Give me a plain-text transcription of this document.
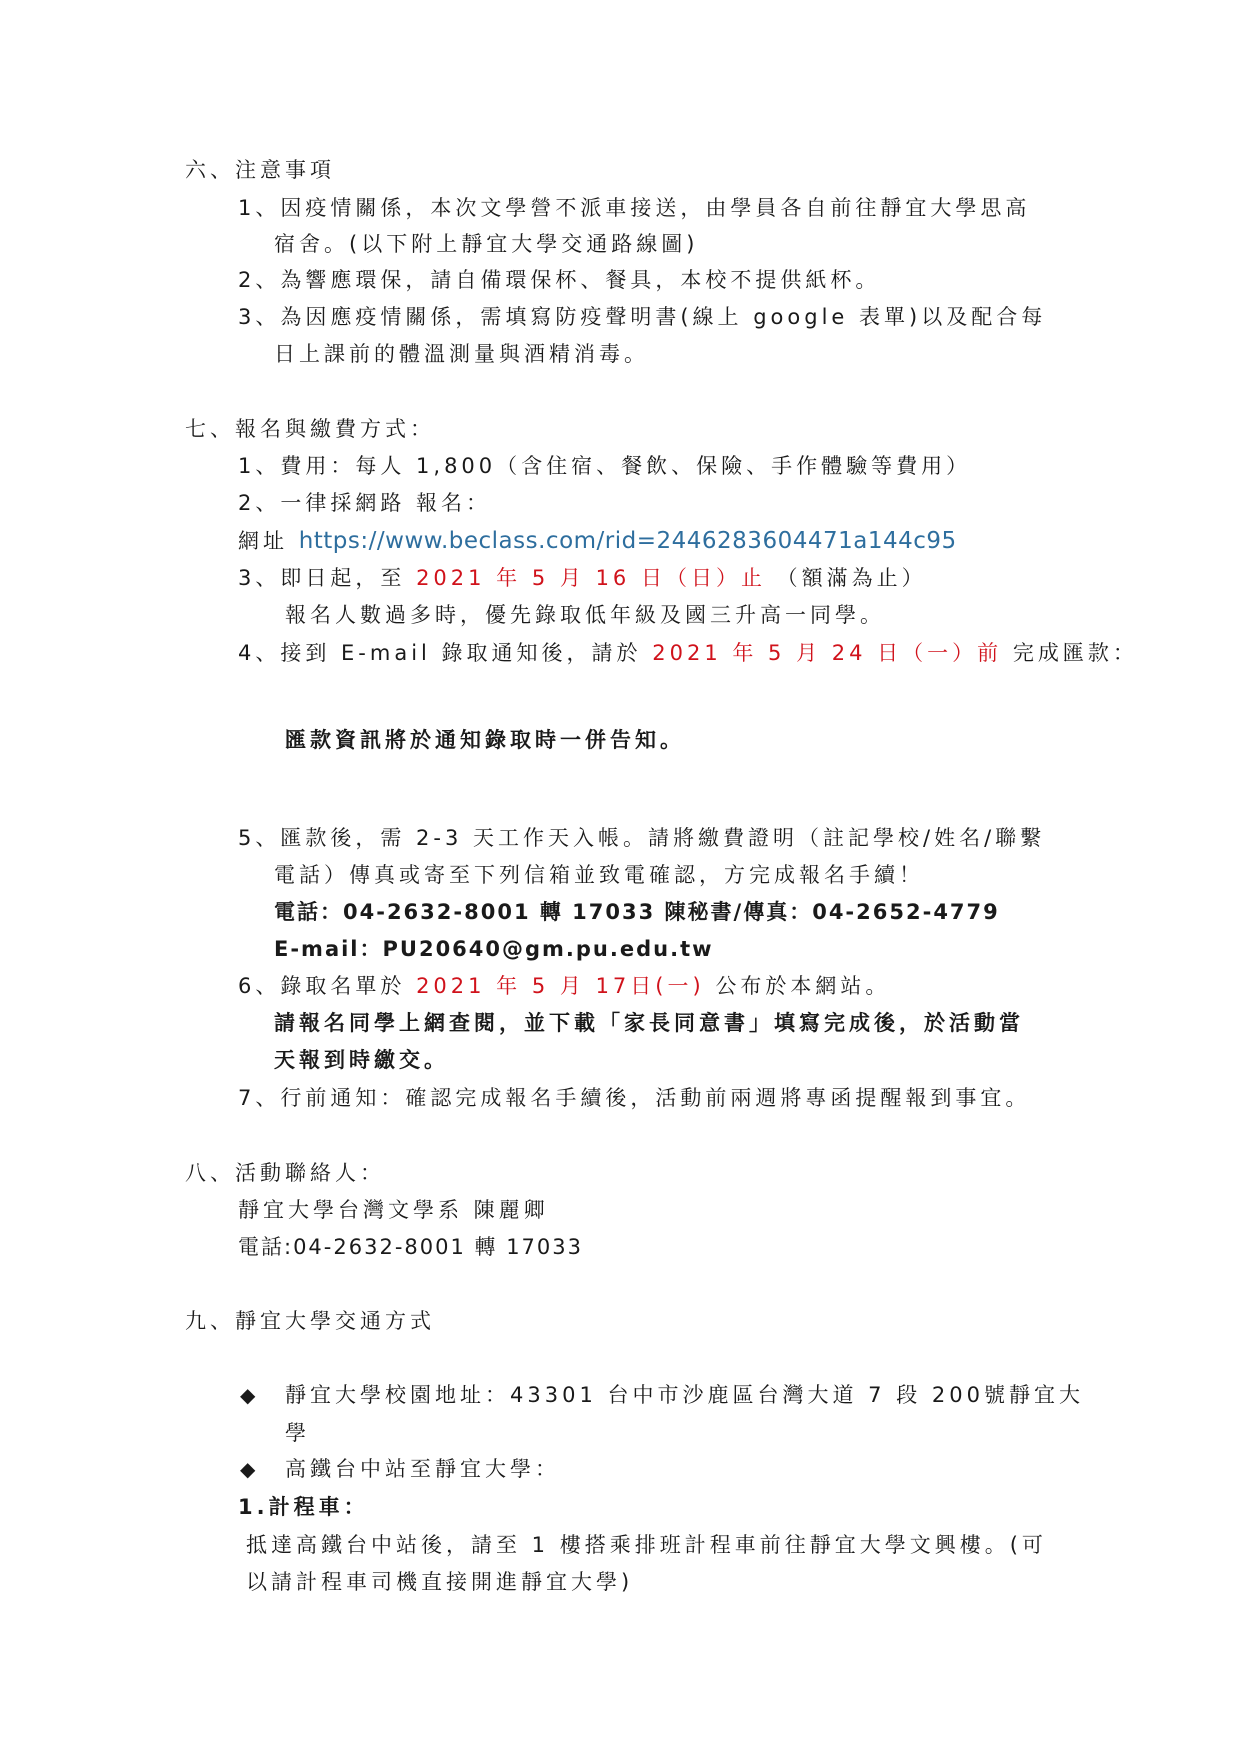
六、注意事項
1、因疫情關係，本次文學營不派車接送，由學員各自前往靜宜大學思高
宿舍。(以下附上靜宜大學交通路線圖)
2、為響應環保，請自備環保杯、餐具，本校不提供紙杯。
3、為因應疫情關係，需填寫防疫聲明書(線上 google 表單)以及配合每
日上課前的體溫測量與酒精消毒。
七、報名與繳費方式：
1、費用：每人 1,800（含住宿、餐飲、保險、手作體驗等費用）
2、一律採網路 報名：
網址 https://www.beclass.com/rid=2446283604471a144c95
3、即日起，至 2021 年 5 月 16 日（日）止 （額滿為止）
報名人數過多時，優先錄取低年級及國三升高一同學。
4、接到 E-mail 錄取通知後，請於 2021 年 5 月 24 日（一）前 完成匯款：
匯款資訊將於通知錄取時一併告知。
5、匯款後，需 2-3 天工作天入帳。請將繳費證明（註記學校/姓名/聯繫
電話）傳真或寄至下列信箱並致電確認，方完成報名手續！
電話：04-2632-8001 轉 17033 陳秘書/傳真：04-2652-4779
E-mail：PU20640@gm.pu.edu.tw
6、錄取名單於 2021 年 5 月 17日(一) 公布於本網站。
請報名同學上網查閱，並下載「家長同意書」填寫完成後，於活動當
天報到時繳交。
7、行前通知：確認完成報名手續後，活動前兩週將專函提醒報到事宜。
八、活動聯絡人：
靜宜大學台灣文學系 陳麗卿
電話:04-2632-8001 轉 17033
九、靜宜大學交通方式
◆ 靜宜大學校園地址：43301 台中市沙鹿區台灣大道 7 段 200號靜宜大
學
◆ 高鐵台中站至靜宜大學：
1.計程車：
抵達高鐵台中站後，請至 1 樓搭乘排班計程車前往靜宜大學文興樓。(可
以請計程車司機直接開進靜宜大學)
